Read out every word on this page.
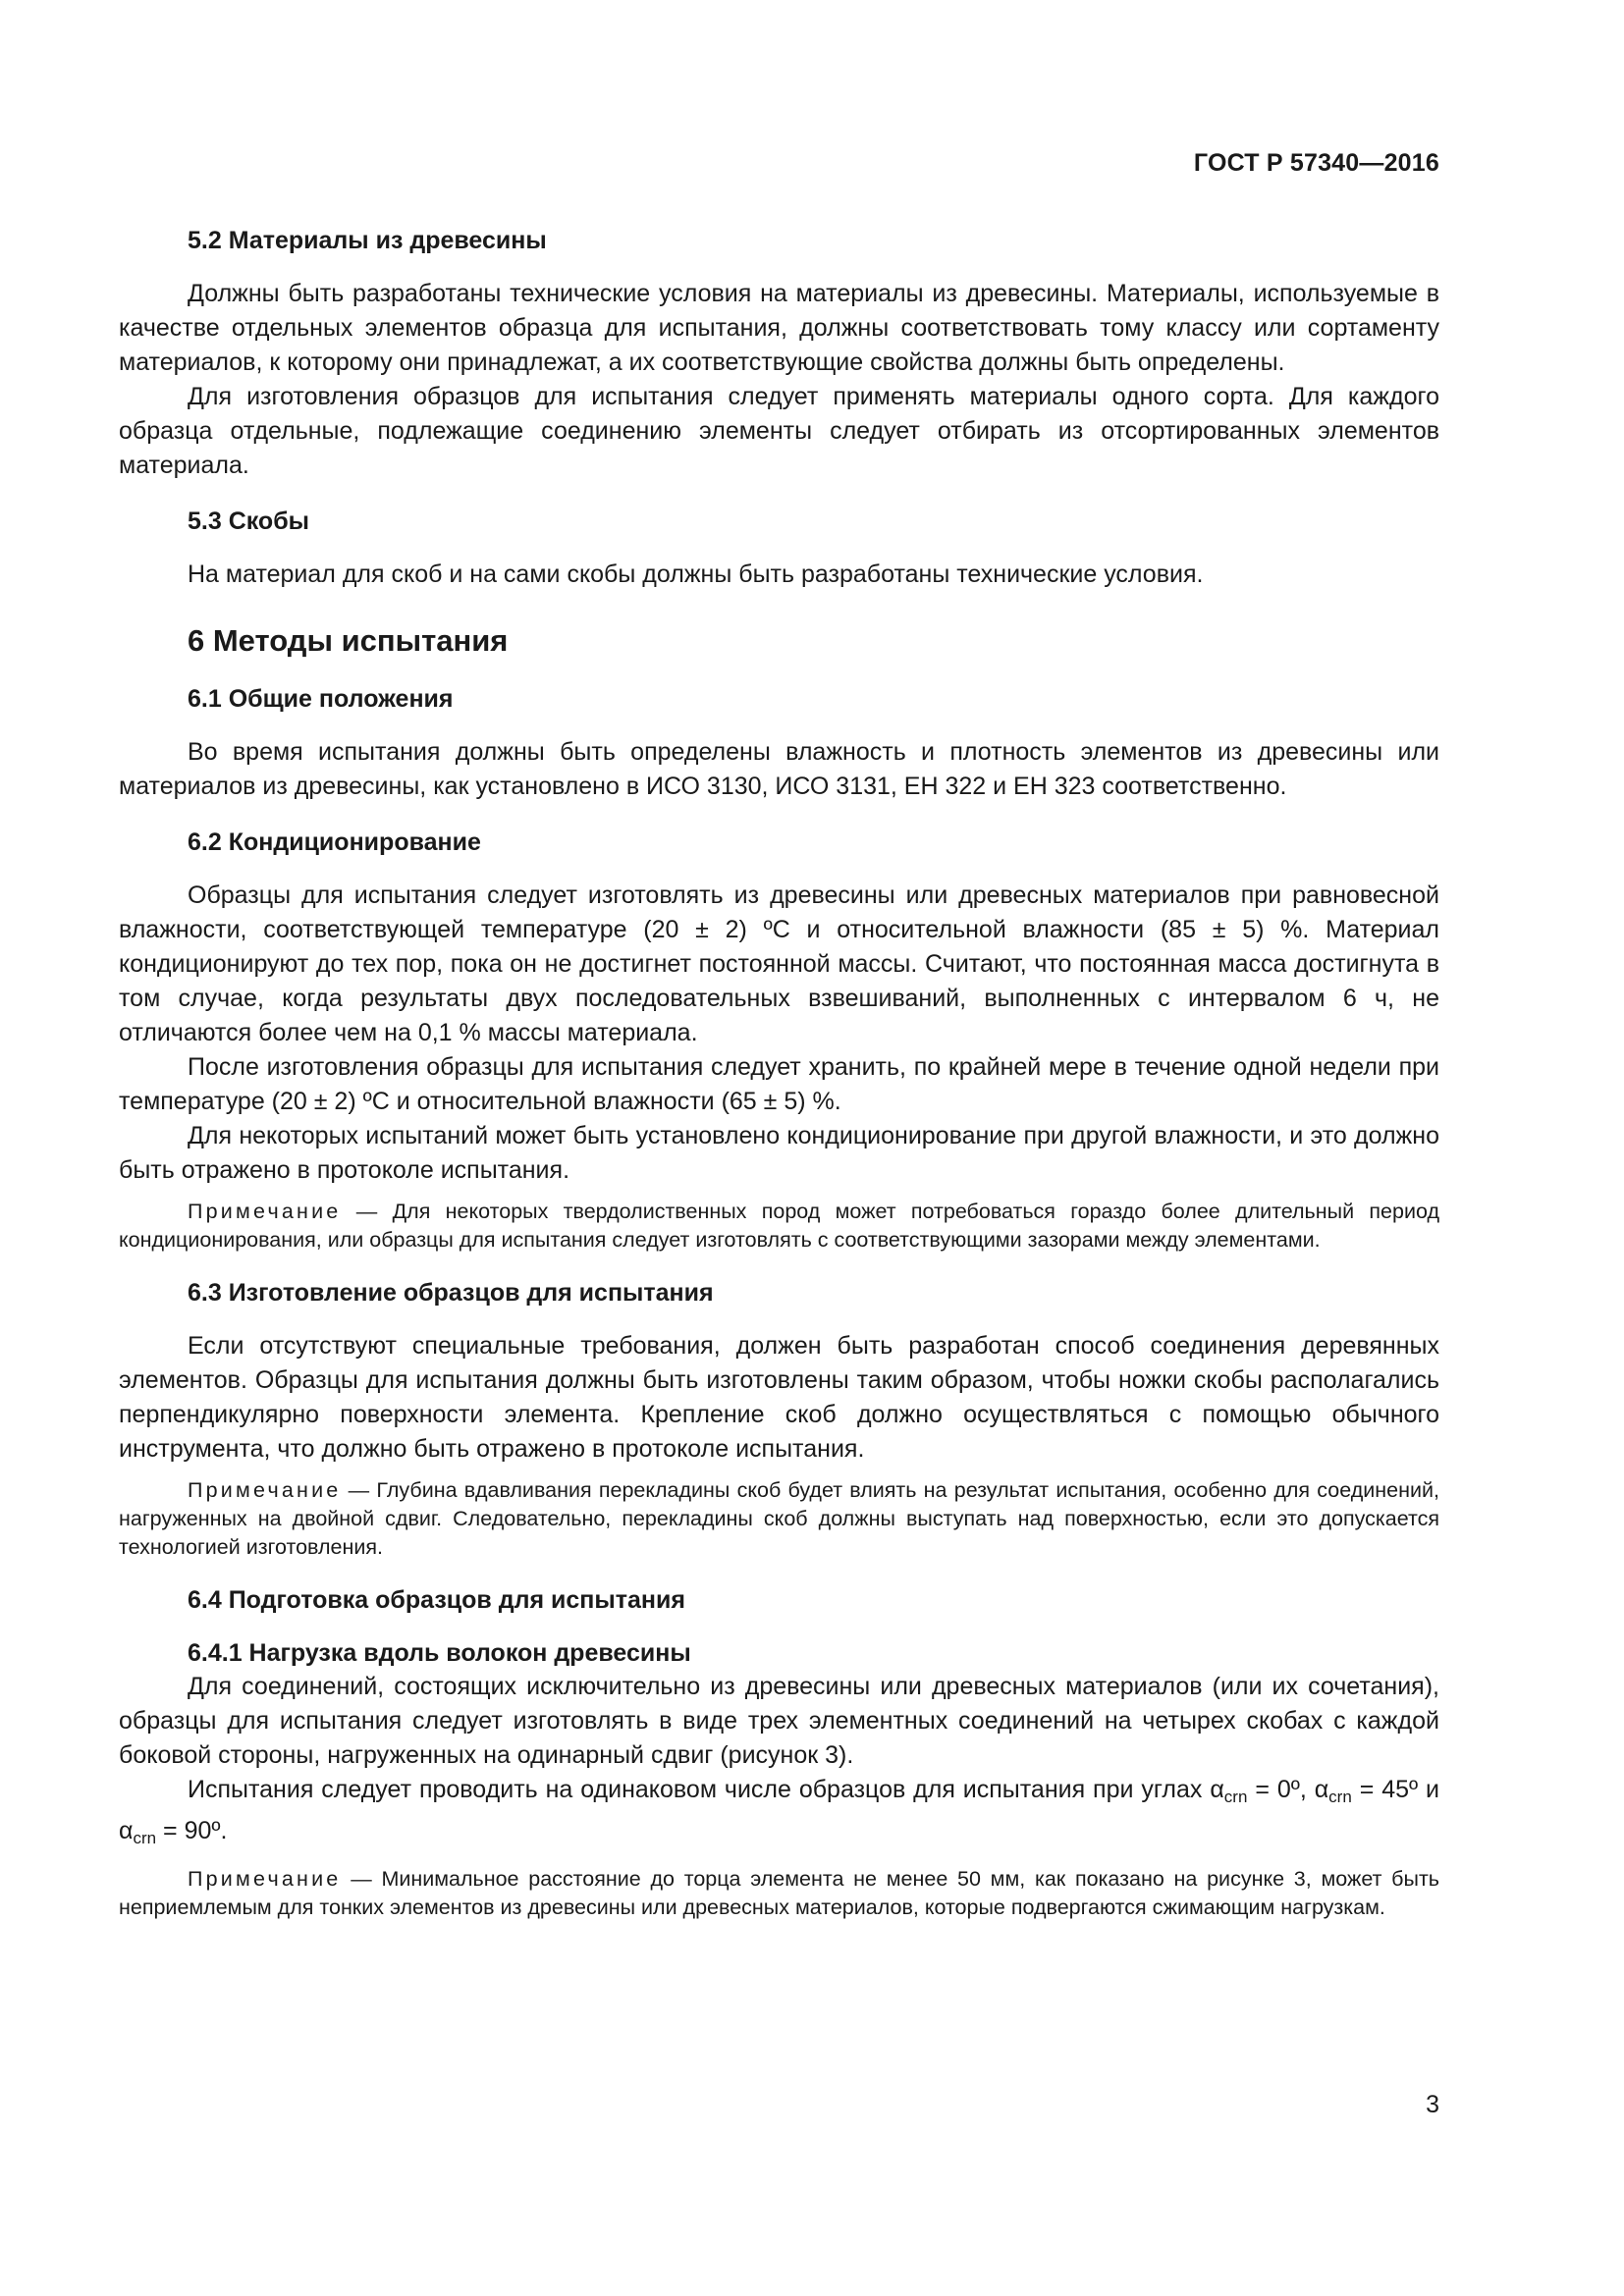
ГОСТ Р 57340—2016
5.2 Материалы из древесины

Должны быть разработаны технические условия на материалы из древесины. Материалы, используемые в качестве отдельных элементов образца для испытания, должны соответствовать тому классу или сортаменту материалов, к которому они принадлежат, а их соответствующие свойства должны быть определены.

Для изготовления образцов для испытания следует применять материалы одного сорта. Для каждого образца отдельные, подлежащие соединению элементы следует отбирать из отсортированных элементов материала.

5.3 Скобы

На материал для скоб и на сами скобы должны быть разработаны технические условия.

6 Методы испытания
6.1 Общие положения

Во время испытания должны быть определены влажность и плотность элементов из древесины или материалов из древесины, как установлено в ИСО 3130, ИСО 3131, ЕН 322 и ЕН 323 соответственно.

6.2 Кондиционирование

Образцы для испытания следует изготовлять из древесины или древесных материалов при равновесной влажности, соответствующей температуре (20 ± 2) ºС и относительной влажности (85 ± 5) %. Материал кондиционируют до тех пор, пока он не достигнет постоянной массы. Считают, что постоянная масса достигнута в том случае, когда результаты двух последовательных взвешиваний, выполненных с интервалом 6 ч, не отличаются более чем на 0,1 % массы материала.

После изготовления образцы для испытания следует хранить, по крайней мере в течение одной недели при температуре (20 ± 2) ºС и относительной влажности (65 ± 5) %.

Для некоторых испытаний может быть установлено кондиционирование при другой влажности, и это должно быть отражено в протоколе испытания.

Примечание — Для некоторых твердолиственных пород может потребоваться гораздо более длительный период кондиционирования, или образцы для испытания следует изготовлять с соответствующими зазорами между элементами.

6.3 Изготовление образцов для испытания

Если отсутствуют специальные требования, должен быть разработан способ соединения деревянных элементов. Образцы для испытания должны быть изготовлены таким образом, чтобы ножки скобы располагались перпендикулярно поверхности элемента. Крепление скоб должно осуществляться с помощью обычного инструмента, что должно быть отражено в протоколе испытания.

Примечание — Глубина вдавливания перекладины скоб будет влиять на результат испытания, особенно для соединений, нагруженных на двойной сдвиг. Следовательно, перекладины скоб должны выступать над поверхностью, если это допускается технологией изготовления.

6.4 Подготовка образцов для испытания
6.4.1 Нагрузка вдоль волокон древесины

Для соединений, состоящих исключительно из древесины или древесных материалов (или их сочетания), образцы для испытания следует изготовлять в виде трех элементных соединений на четырех скобах с каждой боковой стороны, нагруженных на одинарный сдвиг (рисунок 3).

Испытания следует проводить на одинаковом числе образцов для испытания при углах $\alpha_{crn}$ = 0º, $\alpha_{crn}$ = 45º и $\alpha_{crn}$ = 90º.

Примечание — Минимальное расстояние до торца элемента не менее 50 мм, как показано на рисунке 3, может быть неприемлемым для тонких элементов из древесины или древесных материалов, которые подвергаются сжимающим нагрузкам.

3
